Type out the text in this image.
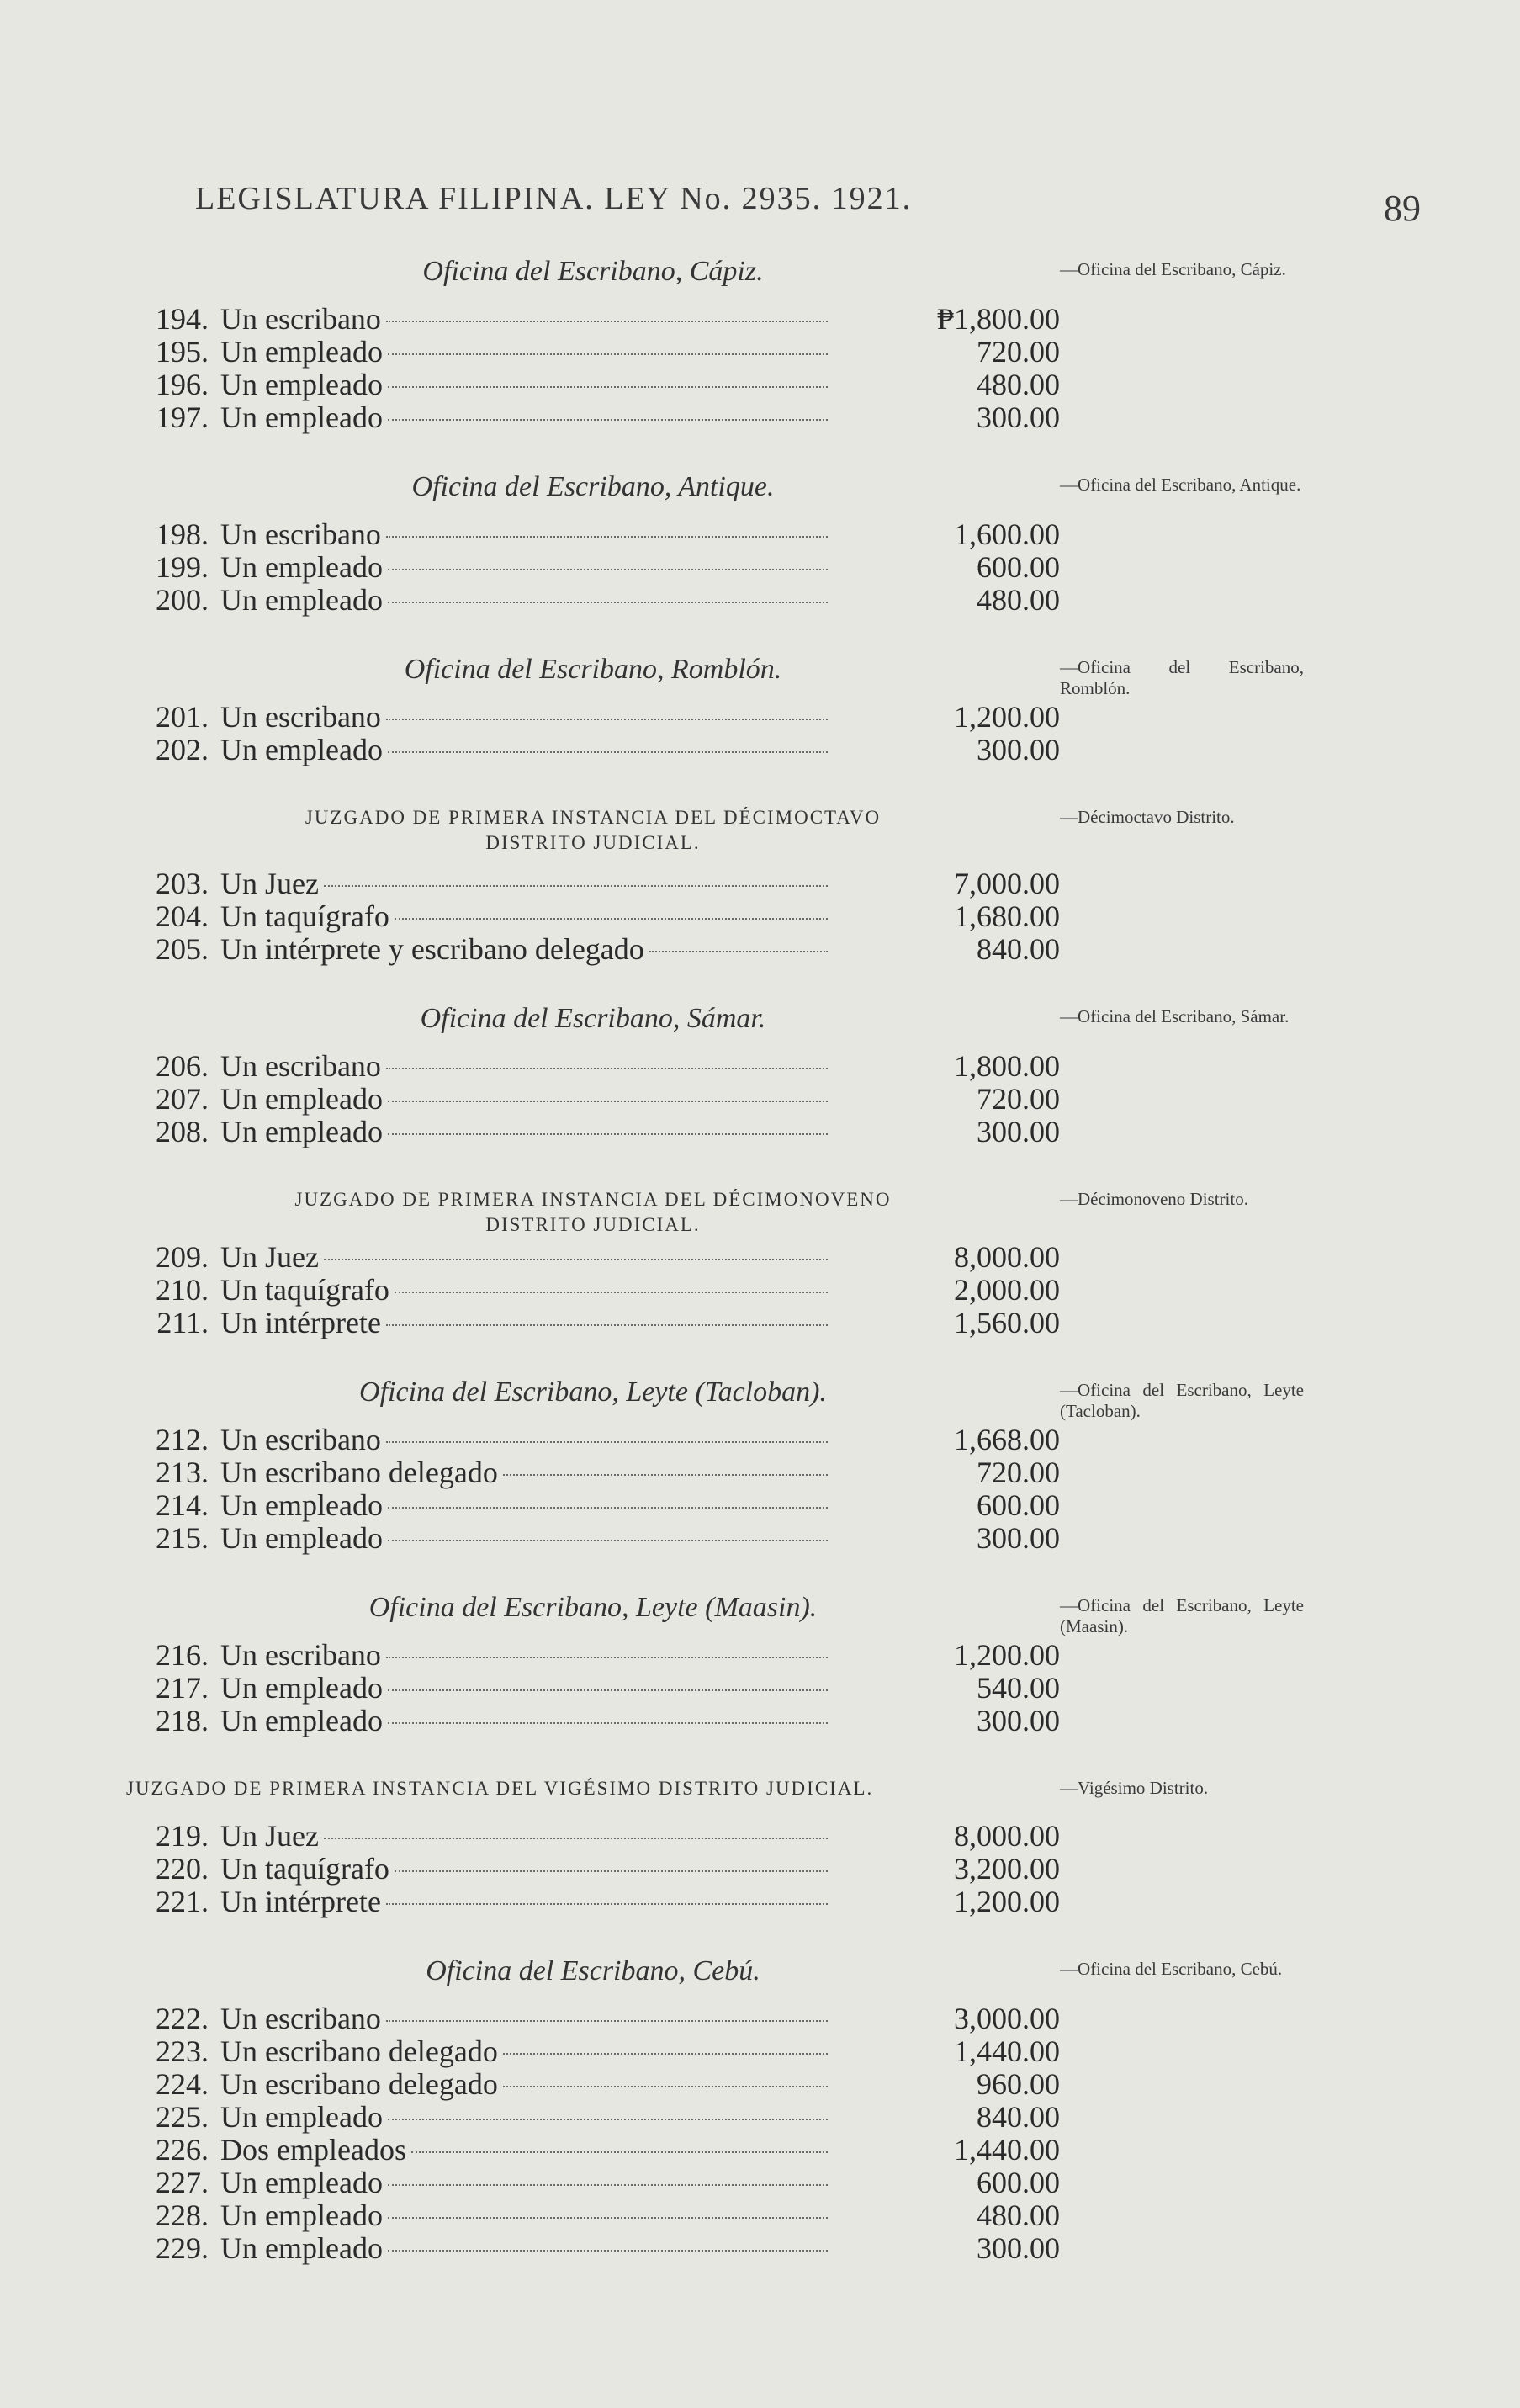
LEGISLATURA FILIPINA. LEY No. 2935. 1921.	89
Oficina del Escribano, Cápiz.	—Oficina del Escribano, Cápiz.
194. Un escribano	₱1,800.00
195. Un empleado	720.00
196. Un empleado	480.00
197. Un empleado	300.00
Oficina del Escribano, Antique.	—Oficina del Escribano, Antique.
198. Un escribano	1,600.00
199. Un empleado	600.00
200. Un empleado	480.00
Oficina del Escribano, Romblón.	—Oficina del Escribano, Romblón.
201. Un escribano	1,200.00
202. Un empleado	300.00
JUZGADO DE PRIMERA INSTANCIA DEL DÉCIMOCTAVO
DISTRITO JUDICIAL.
—Décimoctavo Distrito.
203. Un Juez	7,000.00
204. Un taquígrafo	1,680.00
205. Un intérprete y escribano delegado	840.00
Oficina del Escribano, Sámar.	—Oficina del Escribano, Sámar.
206. Un escribano	1,800.00
207. Un empleado	720.00
208. Un empleado	300.00
JUZGADO DE PRIMERA INSTANCIA DEL DÉCIMONOVENO
DISTRITO JUDICIAL.
—Décimonoveno Distrito.
209. Un Juez	8,000.00
210. Un taquígrafo	2,000.00
211. Un intérprete	1,560.00
Oficina del Escribano, Leyte (Tacloban).	—Oficina del Escribano, Leyte (Tacloban).
212. Un escribano	1,668.00
213. Un escribano delegado	720.00
214. Un empleado	600.00
215. Un empleado	300.00
Oficina del Escribano, Leyte (Maasin).	—Oficina del Escribano, Leyte (Maasin).
216. Un escribano	1,200.00
217. Un empleado	540.00
218. Un empleado	300.00
JUZGADO DE PRIMERA INSTANCIA DEL VIGÉSIMO DISTRITO JUDICIAL.	—Vigésimo Distrito.
219. Un Juez	8,000.00
220. Un taquígrafo	3,200.00
221. Un intérprete	1,200.00
Oficina del Escribano, Cebú.	—Oficina del Escribano, Cebú.
222. Un escribano	3,000.00
223. Un escribano delegado	1,440.00
224. Un escribano delegado	960.00
225. Un empleado	840.00
226. Dos empleados	1,440.00
227. Un empleado	600.00
228. Un empleado	480.00
229. Un empleado	300.00
